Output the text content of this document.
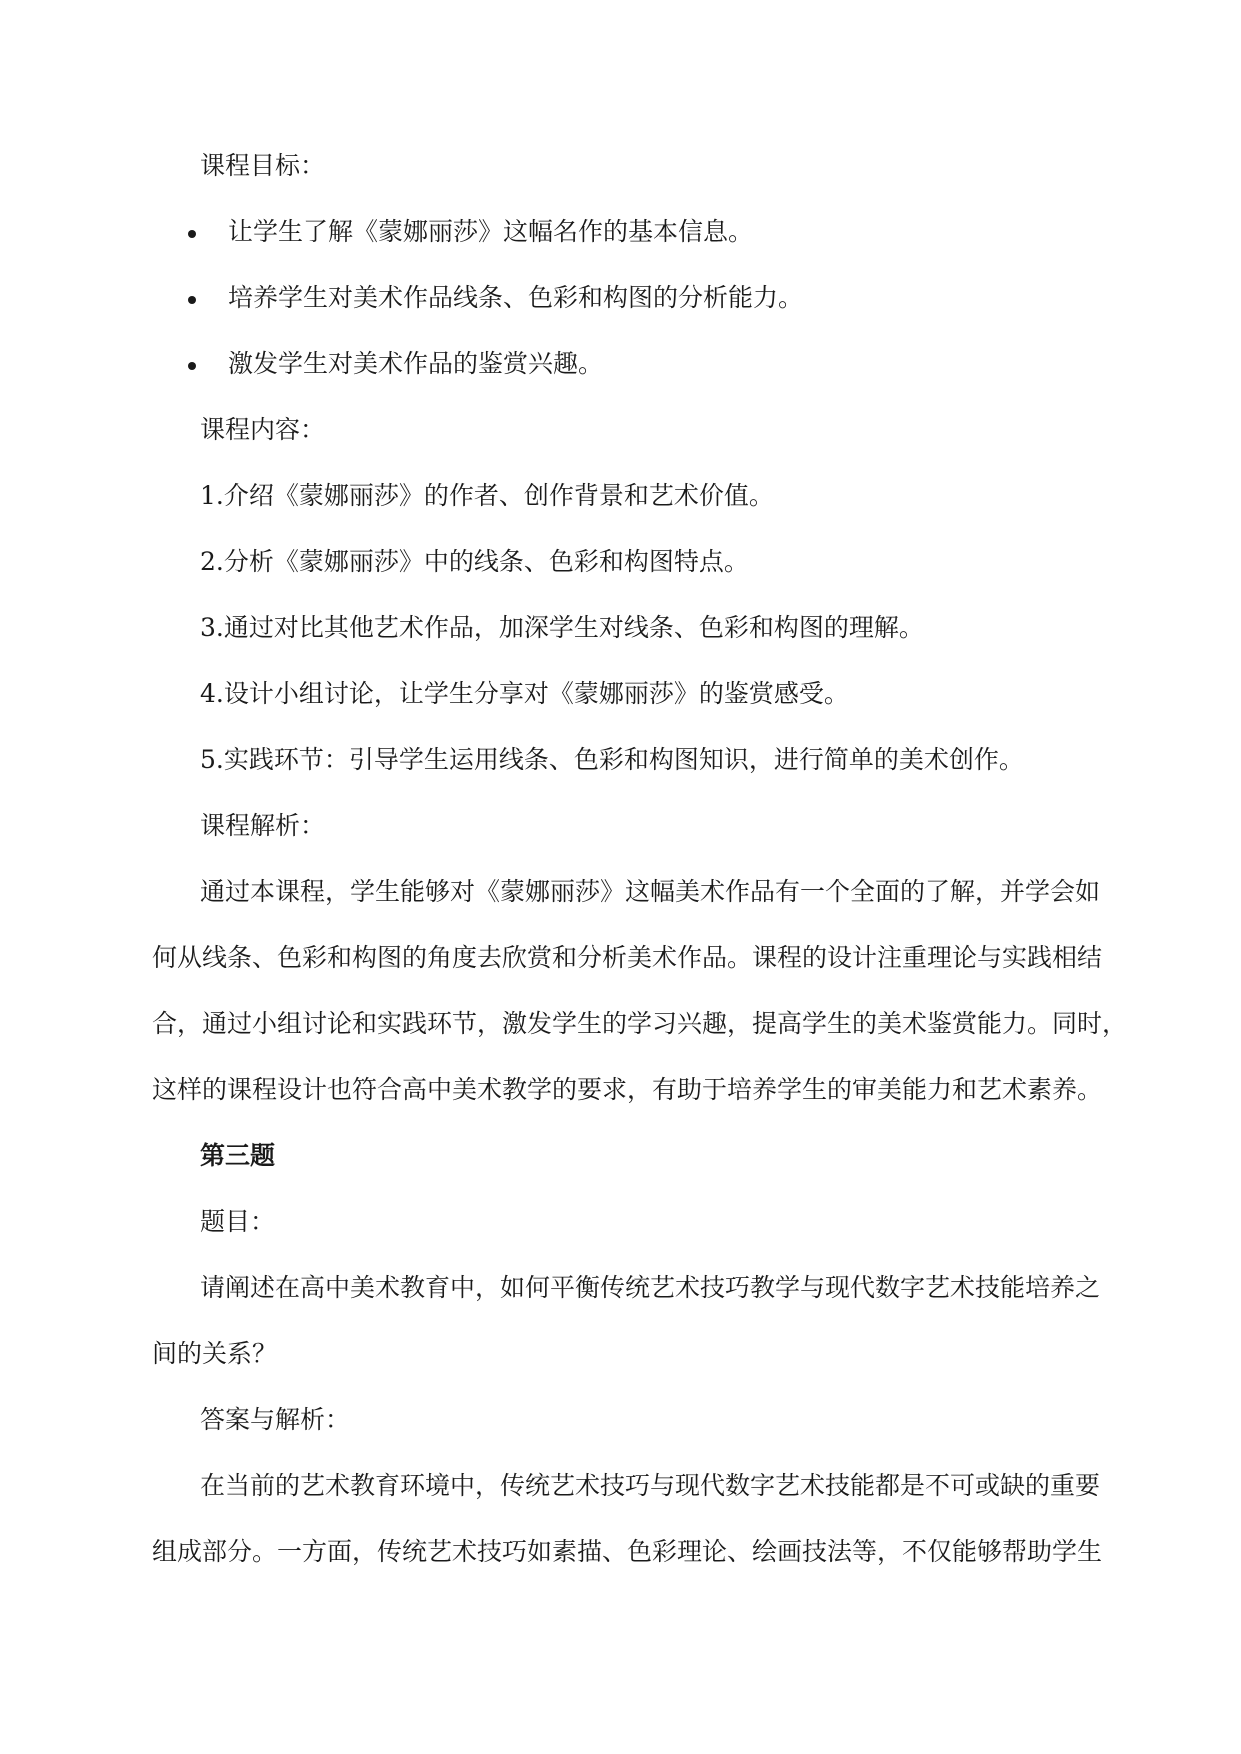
课程目标：
让学生了解《蒙娜丽莎》这幅名作的基本信息。
培养学生对美术作品线条、色彩和构图的分析能力。
激发学生对美术作品的鉴赏兴趣。
课程内容：
1.介绍《蒙娜丽莎》的作者、创作背景和艺术价值。
2.分析《蒙娜丽莎》中的线条、色彩和构图特点。
3.通过对比其他艺术作品，加深学生对线条、色彩和构图的理解。
4.设计小组讨论，让学生分享对《蒙娜丽莎》的鉴赏感受。
5.实践环节：引导学生运用线条、色彩和构图知识，进行简单的美术创作。
课程解析：
通过本课程，学生能够对《蒙娜丽莎》这幅美术作品有一个全面的了解，并学会如
何从线条、色彩和构图的角度去欣赏和分析美术作品。课程的设计注重理论与实践相结
合，通过小组讨论和实践环节，激发学生的学习兴趣，提高学生的美术鉴赏能力。同时，
这样的课程设计也符合高中美术教学的要求，有助于培养学生的审美能力和艺术素养。
第三题
题目：
请阐述在高中美术教育中，如何平衡传统艺术技巧教学与现代数字艺术技能培养之
间的关系？
答案与解析：
在当前的艺术教育环境中，传统艺术技巧与现代数字艺术技能都是不可或缺的重要
组成部分。一方面，传统艺术技巧如素描、色彩理论、绘画技法等，不仅能够帮助学生
